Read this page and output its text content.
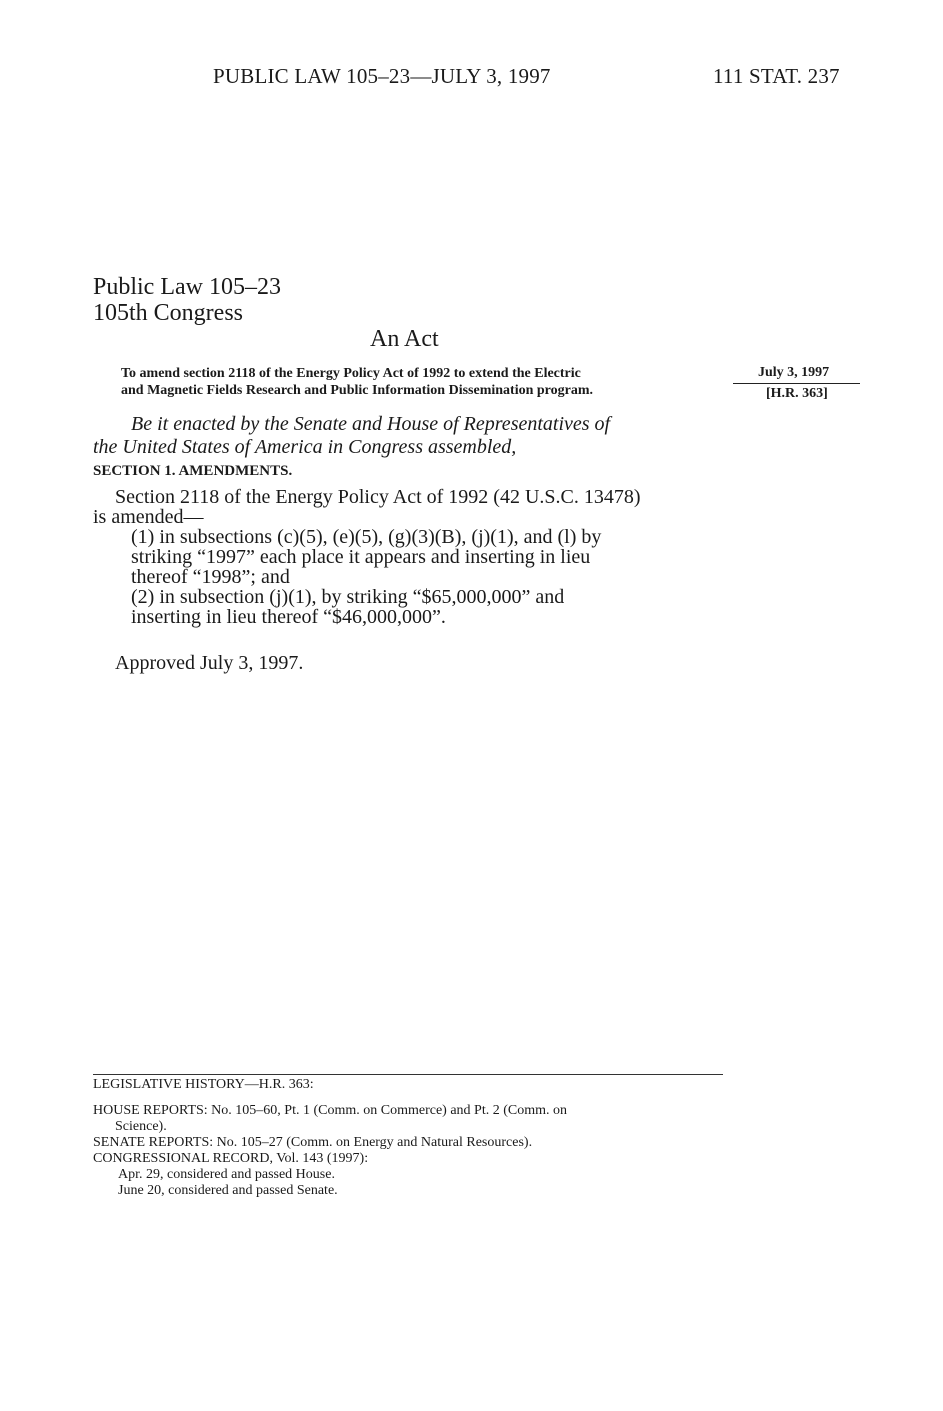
PUBLIC LAW 105–23—JULY 3, 1997	111 STAT. 237
Public Law 105–23
105th Congress
An Act
To amend section 2118 of the Energy Policy Act of 1992 to extend the Electric
and Magnetic Fields Research and Public Information Dissemination program.
July 3, 1997
[H.R. 363]
Be it enacted by the Senate and House of Representatives of
the United States of America in Congress assembled,
SECTION 1. AMENDMENTS.
Section 2118 of the Energy Policy Act of 1992 (42 U.S.C. 13478)
is amended—
(1) in subsections (c)(5), (e)(5), (g)(3)(B), (j)(1), and (l) by
striking “1997” each place it appears and inserting in lieu
thereof “1998”; and
(2) in subsection (j)(1), by striking “$65,000,000” and
inserting in lieu thereof “$46,000,000”.
Approved July 3, 1997.
LEGISLATIVE HISTORY—H.R. 363:
HOUSE REPORTS: No. 105–60, Pt. 1 (Comm. on Commerce) and Pt. 2 (Comm. on
Science).
SENATE REPORTS: No. 105–27 (Comm. on Energy and Natural Resources).
CONGRESSIONAL RECORD, Vol. 143 (1997):
Apr. 29, considered and passed House.
June 20, considered and passed Senate.
